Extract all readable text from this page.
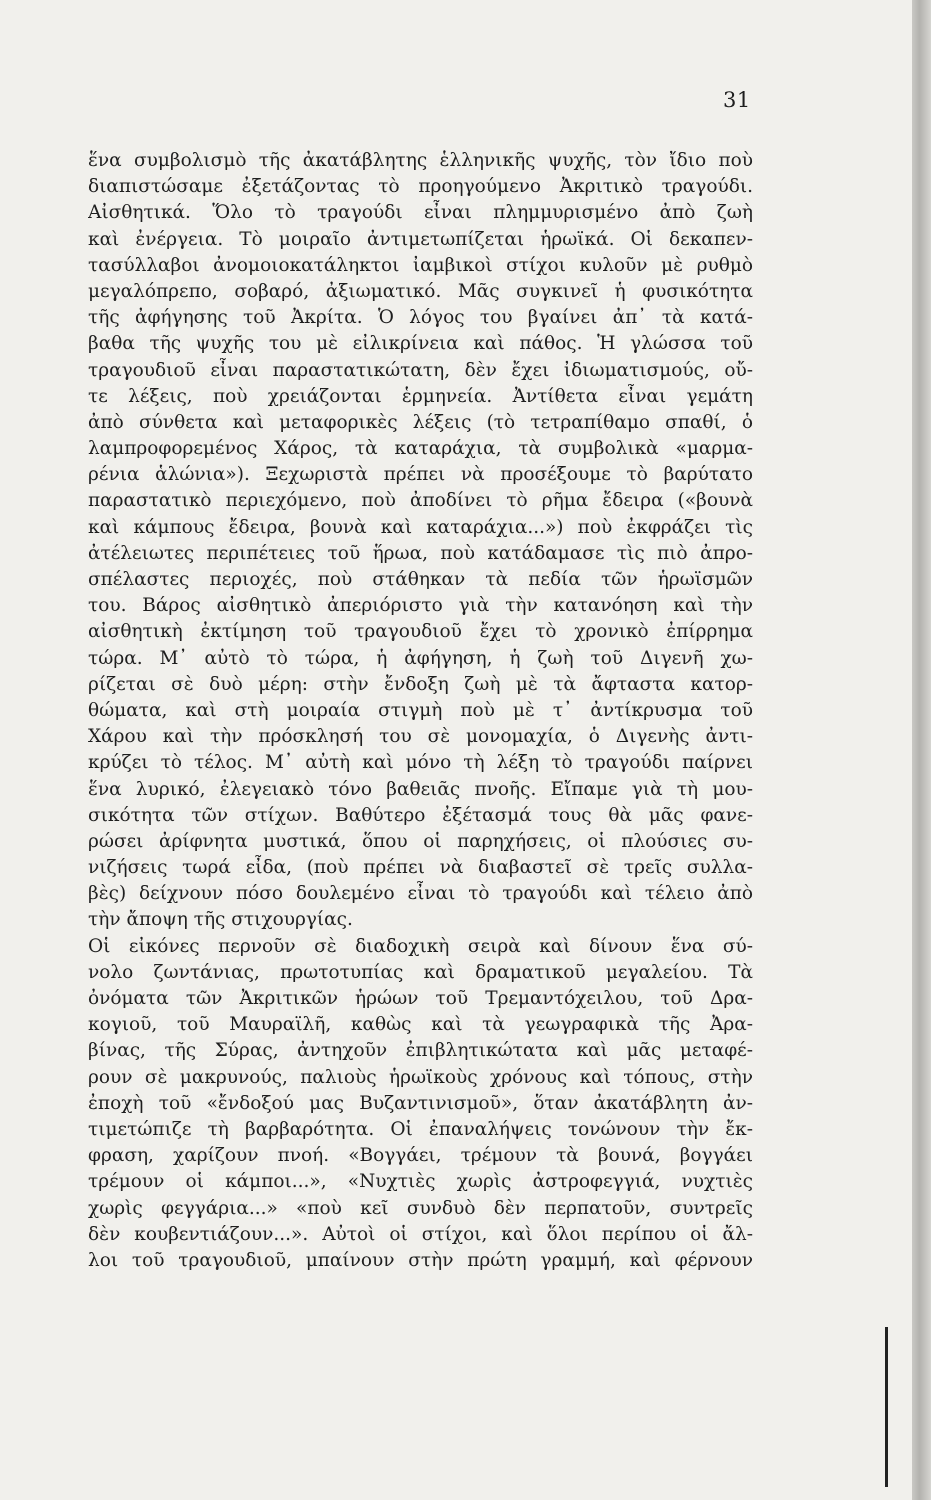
31
ἕνα συμβολισμὸ τῆς ἀκατάβλητης ἑλληνικῆς ψυχῆς, τὸν ἴδιο ποὺ
διαπιστώσαμε ἐξετάζοντας τὸ προηγούμενο Ἀκριτικὸ τραγούδι.
Αἰσθητικά. Ὅλο τὸ τραγούδι εἶναι πλημμυρισμένο ἀπὸ ζωὴ
καὶ ἐνέργεια. Τὸ μοιραῖο ἀντιμετωπίζεται ἡρωϊκά. Οἱ δεκαπεν-
τασύλλαβοι ἀνομοιοκατάληκτοι ἰαμβικοὶ στίχοι κυλοῦν μὲ ρυθμὸ
μεγαλόπρεπο, σοβαρό, ἀξιωματικό. Μᾶς συγκινεῖ ἡ φυσικότητα
τῆς ἀφήγησης τοῦ Ἀκρίτα. Ὁ λόγος του βγαίνει ἀπ᾽ τὰ κατά-
βαθα τῆς ψυχῆς του μὲ εἰλικρίνεια καὶ πάθος. Ἡ γλώσσα τοῦ
τραγουδιοῦ εἶναι παραστατικώτατη, δὲν ἔχει ἰδιωματισμούς, οὔ-
τε λέξεις, ποὺ χρειάζονται ἑρμηνεία. Ἀντίθετα εἶναι γεμάτη
ἀπὸ σύνθετα καὶ μεταφορικὲς λέξεις (τὸ τετραπίθαμο σπαθί, ὁ
λαμπροφορεμένος Χάρος, τὰ καταράχια, τὰ συμβολικὰ «μαρμα-
ρένια ἁλώνια»). Ξεχωριστὰ πρέπει νὰ προσέξουμε τὸ βαρύτατο
παραστατικὸ περιεχόμενο, ποὺ ἀποδίνει τὸ ρῆμα ἔδειρα («βουνὰ
καὶ κάμπους ἔδειρα, βουνὰ καὶ καταράχια...») ποὺ ἐκφράζει τὶς
ἀτέλειωτες περιπέτειες τοῦ ἥρωα, ποὺ κατάδαμασε τὶς πιὸ ἀπρο-
σπέλαστες περιοχές, ποὺ στάθηκαν τὰ πεδία τῶν ἡρωϊσμῶν
του. Βάρος αἰσθητικὸ ἀπεριόριστο γιὰ τὴν κατανόηση καὶ τὴν
αἰσθητικὴ ἐκτίμηση τοῦ τραγουδιοῦ ἔχει τὸ χρονικὸ ἐπίρρημα
τώρα. Μ᾽ αὐτὸ τὸ τώρα, ἡ ἀφήγηση, ἡ ζωὴ τοῦ Διγενῆ χω-
ρίζεται σὲ δυὸ μέρη: στὴν ἔνδοξη ζωὴ μὲ τὰ ἄφταστα κατορ-
θώματα, καὶ στὴ μοιραία στιγμὴ ποὺ μὲ τ᾽ ἀντίκρυσμα τοῦ
Χάρου καὶ τὴν πρόσκλησή του σὲ μονομαχία, ὁ Διγενὴς ἀντι-
κρύζει τὸ τέλος. Μ᾽ αὐτὴ καὶ μόνο τὴ λέξη τὸ τραγούδι παίρνει
ἕνα λυρικό, ἐλεγειακὸ τόνο βαθειᾶς πνοῆς. Εἴπαμε γιὰ τὴ μου-
σικότητα τῶν στίχων. Βαθύτερο ἐξέτασμά τους θὰ μᾶς φανε-
ρώσει ἀρίφνητα μυστικά, ὅπου οἱ παρηχήσεις, οἱ πλούσιες συ-
νιζήσεις τωρά εἶδα, (ποὺ πρέπει νὰ διαβαστεῖ σὲ τρεῖς συλλα-
βὲς) δείχνουν πόσο δουλεμένο εἶναι τὸ τραγούδι καὶ τέλειο ἀπὸ
τὴν ἄποψη τῆς στιχουργίας.
Οἱ εἰκόνες περνοῦν σὲ διαδοχικὴ σειρὰ καὶ δίνουν ἕνα σύ-
νολο ζωντάνιας, πρωτοτυπίας καὶ δραματικοῦ μεγαλείου. Τὰ
ὀνόματα τῶν Ἀκριτικῶν ἡρώων τοῦ Τρεμαντόχειλου, τοῦ Δρα-
κογιοῦ, τοῦ Μαυραϊλῆ, καθὼς καὶ τὰ γεωγραφικὰ τῆς Ἀρα-
βίνας, τῆς Σύρας, ἀντηχοῦν ἐπιβλητικώτατα καὶ μᾶς μεταφέ-
ρουν σὲ μακρυνούς, παλιοὺς ἡρωϊκοὺς χρόνους καὶ τόπους, στὴν
ἐποχὴ τοῦ «ἔνδοξού μας Βυζαντινισμοῦ», ὅταν ἀκατάβλητη ἀν-
τιμετώπιζε τὴ βαρβαρότητα. Οἱ ἐπαναλήψεις τονώνουν τὴν ἔκ-
φραση, χαρίζουν πνοή. «Βογγάει, τρέμουν τὰ βουνά, βογγάει
τρέμουν οἱ κάμποι...», «Νυχτιὲς χωρὶς ἀστροφεγγιά, νυχτιὲς
χωρὶς φεγγάρια...» «ποὺ κεῖ συνδυὸ δὲν περπατοῦν, συντρεῖς
δὲν κουβεντιάζουν...». Αὐτοὶ οἱ στίχοι, καὶ ὅλοι περίπου οἱ ἄλ-
λοι τοῦ τραγουδιοῦ, μπαίνουν στὴν πρώτη γραμμή, καὶ φέρνουν
